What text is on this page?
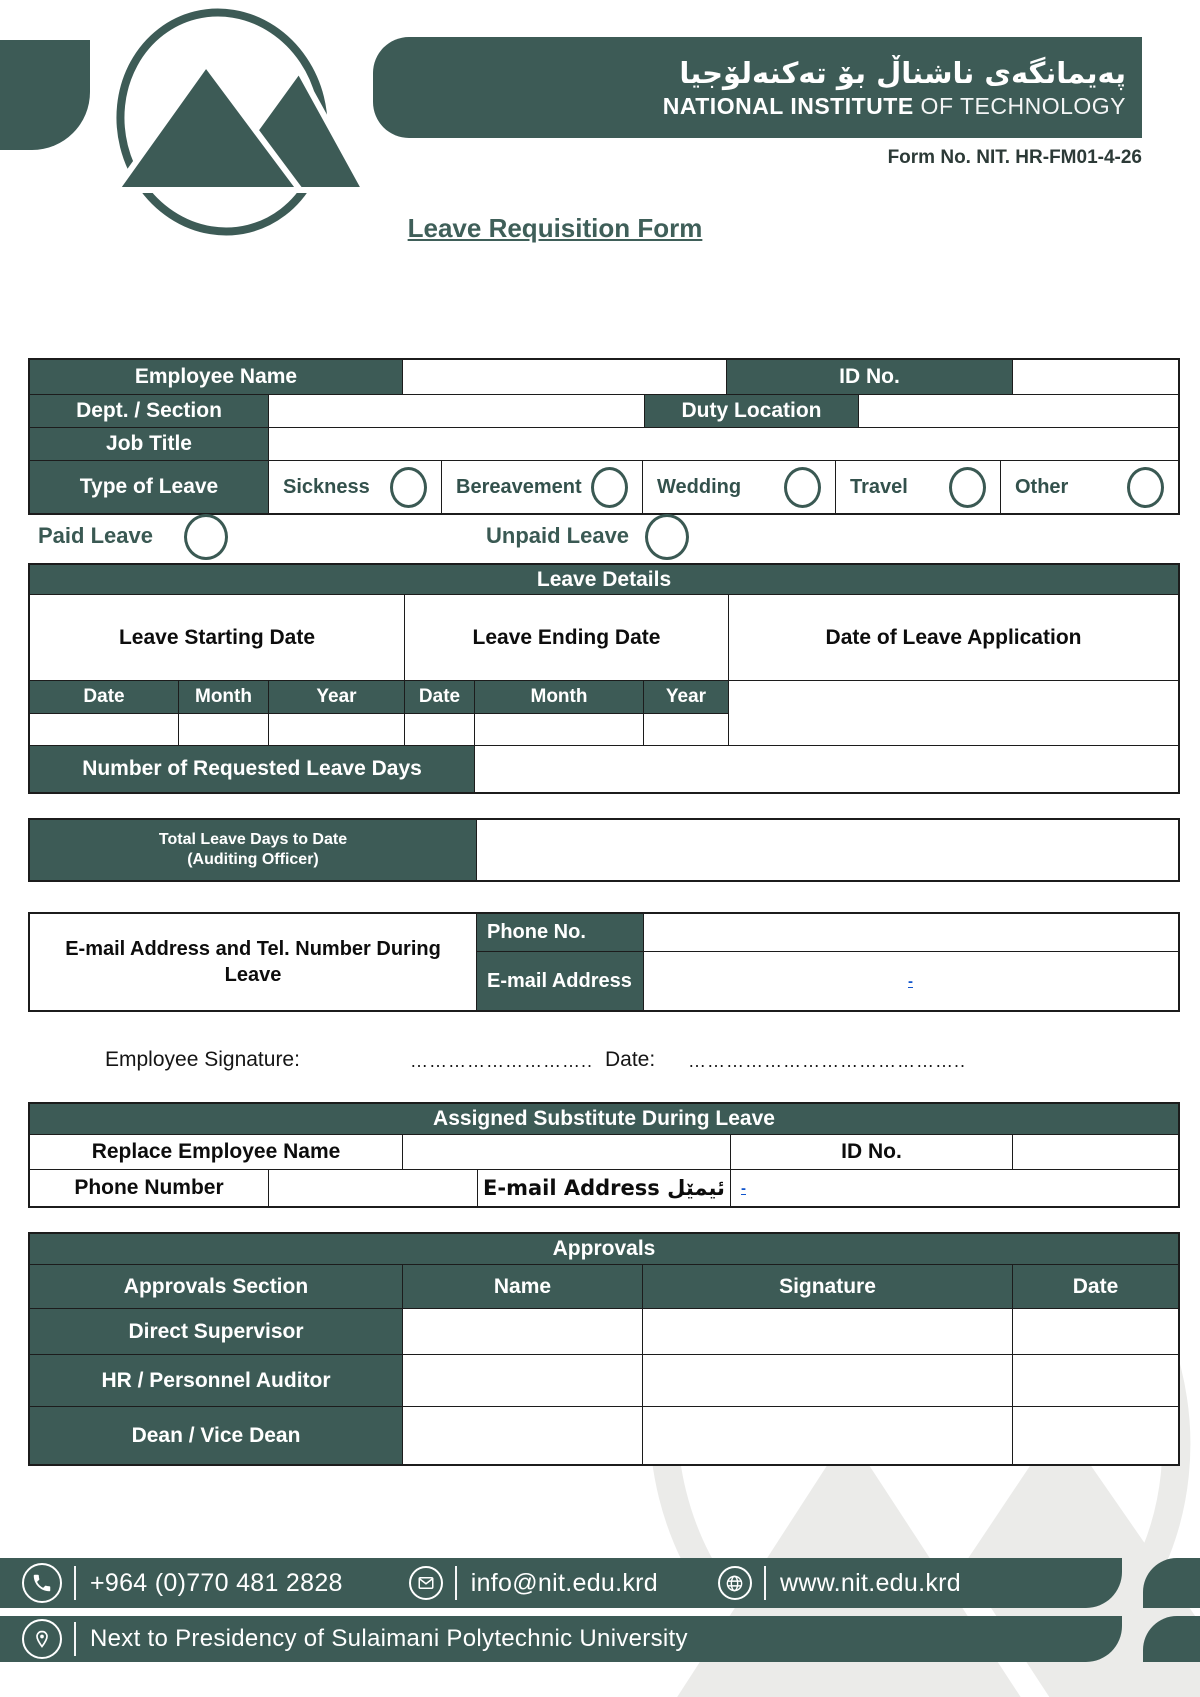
پەیمانگەی ناشناڵ بۆ تەکنەلۆجیا
NATIONAL INSTITUTE OF TECHNOLOGY
Form No. NIT. HR-FM01-4-26
Leave Requisition Form
Employee Name	ID No.
Dept. / Section	Duty Location
Job Title
Type of Leave	Sickness	Bereavement	Wedding	Travel	Other
Paid Leave	Unpaid Leave
Leave Details
Leave Starting Date	Leave Ending Date	Date of Leave Application
Date	Month	Year	Date	Month	Year
Number of Requested Leave Days
Total Leave Days to Date
(Auditing Officer)
E-mail Address and Tel. Number During
Leave
Phone No.
E-mail Address	-
Employee Signature:	……………………….. Date: ……………………………………..
Assigned Substitute During Leave
Replace Employee Name	ID No.
Phone Number	E-mail Address ئیمێل	-
Approvals
Approvals Section	Name	Signature	Date
Direct Supervisor
HR / Personnel Auditor
Dean / Vice Dean
+964 (0)770 481 2828	info@nit.edu.krd	www.nit.edu.krd
Next to Presidency of Sulaimani Polytechnic University
